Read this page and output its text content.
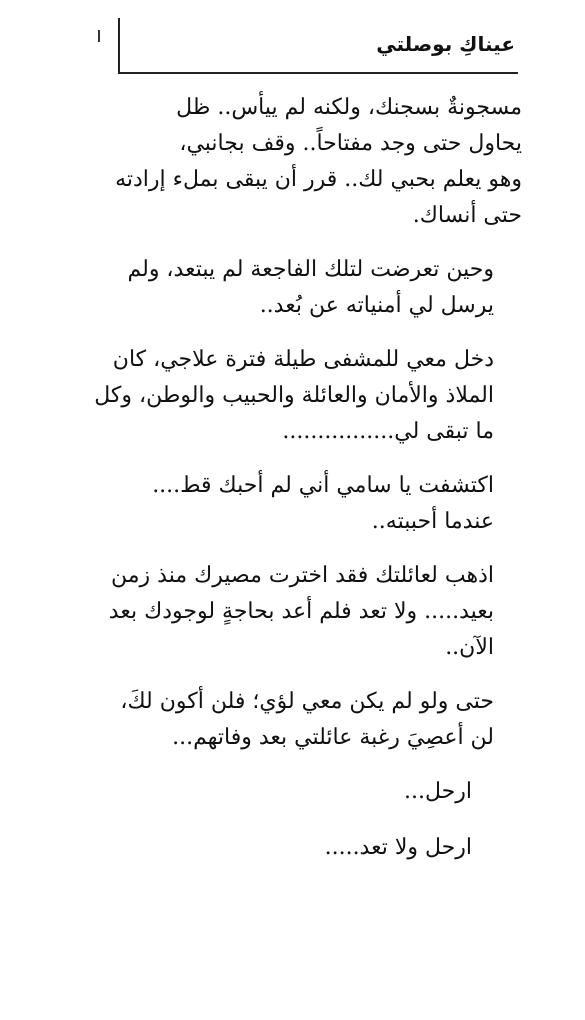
عيناكِ بوصلتي

مسجونةٌ بسجنك، ولكنه لم ييأس.. ظل
يحاول حتى وجد مفتاحاً.. وقف بجانبي،
وهو يعلم بحبي لك.. قرر أن يبقى بملء إرادته
حتى أنساك.

وحين تعرضت لتلك الفاجعة لم يبتعد، ولم
يرسل لي أمنياته عن بُعد..

دخل معي للمشفى طيلة فترة علاجي، كان
الملاذ والأمان والعائلة والحبيب والوطن، وكل
ما تبقى لي................

اكتشفت يا سامي أني لم أحبك قط....
عندما أحببته..

اذهب لعائلتك فقد اخترت مصيرك منذ زمن
بعيد..... ولا تعد فلم أعد بحاجةٍ لوجودك بعد
الآن..

حتى ولو لم يكن معي لؤي؛ فلن أكون لكَ،
لن أعصِيَ رغبة عائلتي بعد وفاتهم...

ارحل...

ارحل ولا تعد.....
